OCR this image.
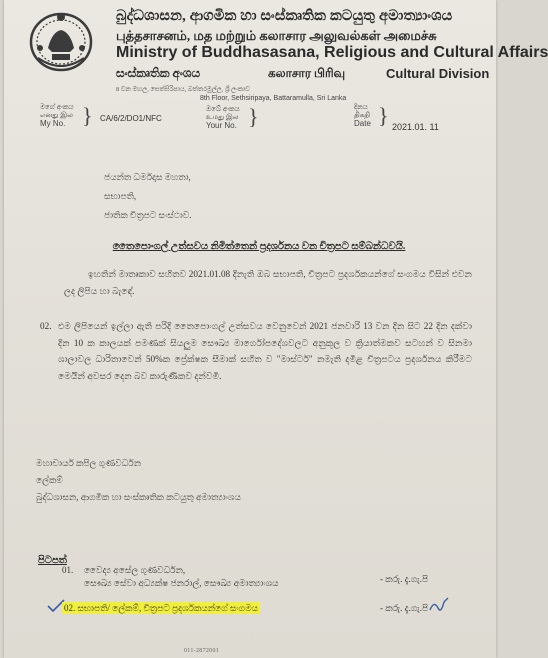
බුද්ධශාසන, ආගමික හා සංස්කෘතික කටයුතු අමාත්‍යාංශය
புத்தசாசனம், மத மற்றும் கலாசார அலுவல்கள் அமைச்சு
Ministry of Buddhasasana, Religious and Cultural Affairs
සංස්කෘතික අංශය	கலாசார பிரிவு	Cultural Division
8 වන මහල, සෙත්සිරිපාය, බත්තරමුල්ල, ශ්‍රී ලංකාව
8th Floor, Sethsiripaya, Battaramulla, Sri Lanka
මගේ අංකය
எனது இல
My No. } CA/6/2/DO1/NFC
ඔබේ අංකය
உமது இல
Your No. }	දිනය
திகதி
Date } 2021.01. 11
ජයන්ත ධර්මදාස මහතා,
සභාපති,
ජාතික චිත්‍රපට සංස්ථාව.
තෛපොංගල් උත්සවය නිමිත්තෙන් ප්‍රදර්ශනය වන චිත්‍රපට සම්බන්ධවයි.
ඉහතින් මාතෘකාව සහිතව 2021.01.08 දිනැති ඔබ සභාපති, චිත්‍රපට ප්‍රදර්ශකයන්ගේ සංගමය විසින් එවන ලද ලිපිය හා බැඳේ.
02. එම ලිපියෙන් ඉල්ලා ඇති පරිදි තෛපොංගල් උත්සවය වෙනුවෙන් 2021 ජනවාරි 13 වන දින සිට 22 දින දක්වා දින 10 ක කාලයක් පමණක් සියලුම සෞඛ්‍ය මාර්ගෝපදේශවලට අනුකූල ව ක්‍රියාත්මකව සටහන් ව සිනමා ශාලාවල ධාරිතාවෙන් 50%ක ප්‍රේක්ෂක සීමාක් සහිත ව "මාස්ටර්" නමැති දමිළ චිත්‍රපටය ප්‍රදර්ශනය කිරීමට මෙයින් අවසර දෙන බව කාරුණිකව දන්වමි.
මහාචාර්ය කපිල ගුණවර්ධන
ලේකම්
බුද්ධශාසන, ආගමික හා සංස්කෘතික කටයුතු අමාත්‍යාංශය
පිටපත්
01. වෛද්‍ය අසේල ගුණවර්ධන,
සෞඛ්‍ය සේවා අධ්‍යක්ෂ ජනරාල්, සෞඛ්‍ය අමාත්‍යාංශය	- කරු. දැ.ගැ.පි
02. සභාපති/ ලේකම්, චිත්‍රපට ප්‍රදර්ශකයන්ගේ සංගමය	- කරු. දැ.ගැ.පි
011-2872001
